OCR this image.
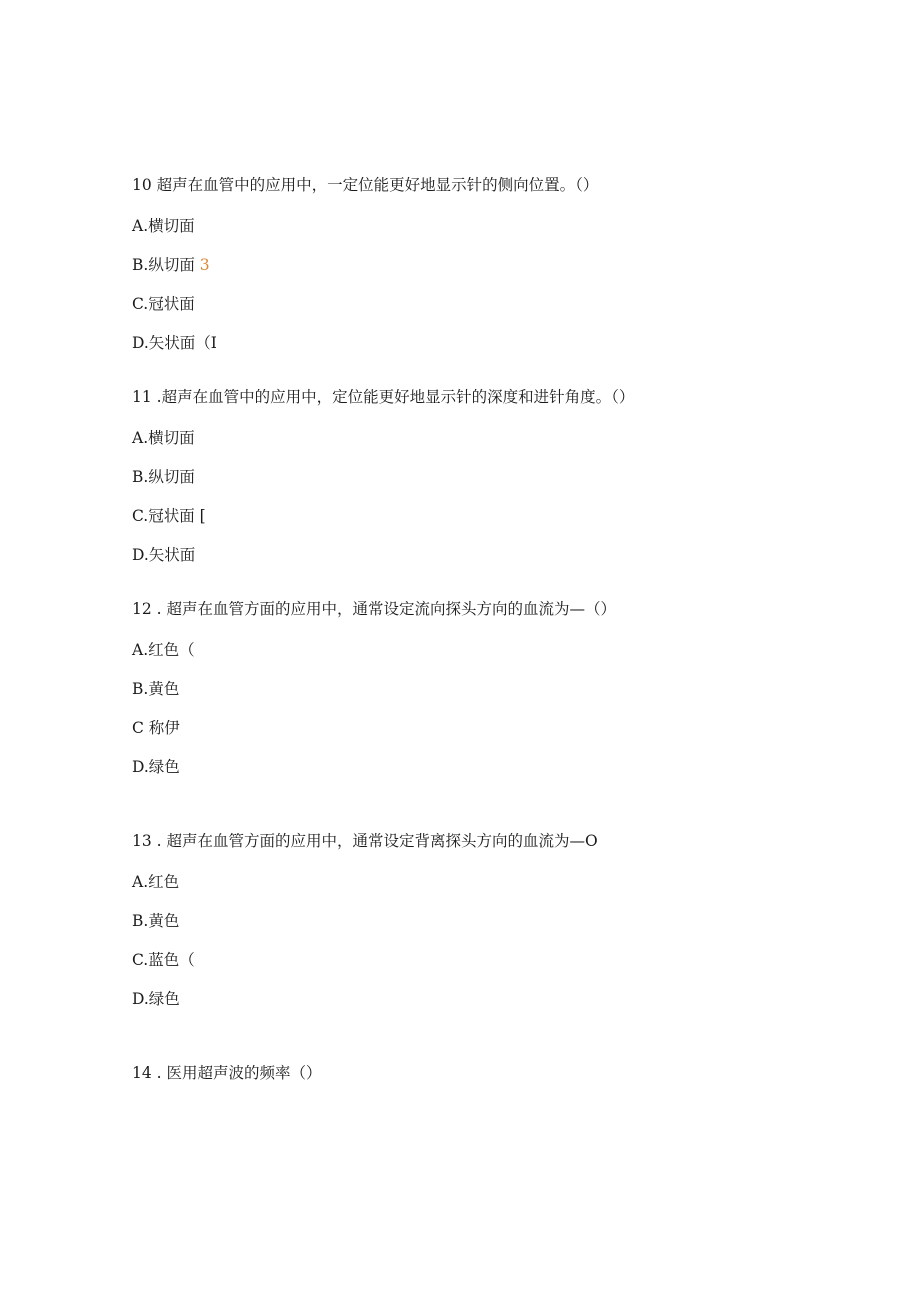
10 超声在血管中的应用中，一定位能更好地显示针的侧向位置。（）
A.横切面
B.纵切面 3
C.冠状面
D.矢状面（I
11 .超声在血管中的应用中，定位能更好地显示针的深度和进针角度。（）
A.横切面
B.纵切面
C.冠状面 [
D.矢状面
12 . 超声在血管方面的应用中，通常设定流向探头方向的血流为—（）
A.红色（
B.黄色
C 称伊
D.绿色
13 . 超声在血管方面的应用中，通常设定背离探头方向的血流为—O
A.红色
B.黄色
C.蓝色（
D.绿色
14 . 医用超声波的频率（）
